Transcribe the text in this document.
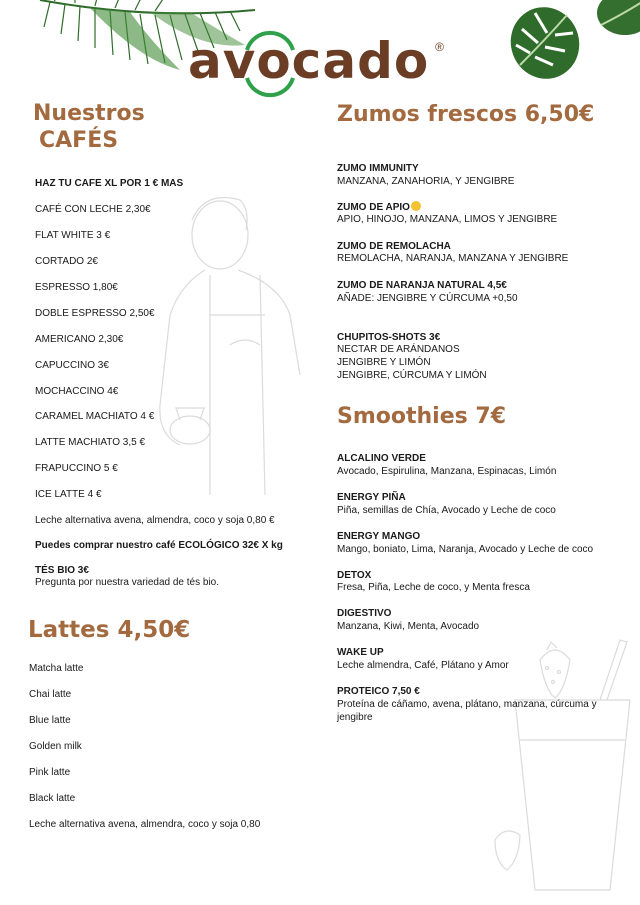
avocado ®
Nuestros
CAFÉS
HAZ TU CAFE XL POR 1 € MAS
CAFÉ CON LECHE 2,30€
FLAT WHITE 3 €
CORTADO 2€
ESPRESSO 1,80€
DOBLE ESPRESSO 2,50€
AMERICANO 2,30€
CAPUCCINO 3€
MOCHACCINO 4€
CARAMEL MACHIATO 4 €
LATTE MACHIATO 3,5 €
FRAPUCCINO 5 €
ICE LATTE 4 €
Leche alternativa avena, almendra, coco y soja 0,80 €
Puedes comprar nuestro café ECOLÓGICO 32€ X kg
TÉS BIO 3€
Pregunta por nuestra variedad de tés bio.
Lattes 4,50€
Matcha latte
Chai latte
Blue latte
Golden milk
Pink latte
Black latte
Leche alternativa avena, almendra, coco y soja 0,80
Zumos frescos 6,50€
ZUMO IMMUNITY
MANZANA, ZANAHORIA, Y JENGIBRE
ZUMO DE APIO
APIO, HINOJO, MANZANA, LIMOS Y JENGIBRE
ZUMO DE REMOLACHA
REMOLACHA, NARANJA, MANZANA Y JENGIBRE
ZUMO DE NARANJA NATURAL 4,5€
AÑADE: JENGIBRE Y CÚRCUMA +0,50
CHUPITOS-SHOTS 3€
NECTAR DE ARÁNDANOS
JENGIBRE Y LIMÓN
JENGIBRE, CÚRCUMA Y LIMÓN
Smoothies 7€
ALCALINO VERDE
Avocado, Espirulina, Manzana, Espinacas, Limón
ENERGY PIÑA
Piña, semillas de Chía, Avocado y Leche de coco
ENERGY MANGO
Mango, boniato, Lima, Naranja, Avocado y Leche de coco
DETOX
Fresa, Piña, Leche de coco, y Menta fresca
DIGESTIVO
Manzana, Kiwi, Menta, Avocado
WAKE UP
Leche almendra, Café, Plátano y Amor
PROTEICO 7,50 €
Proteína de cáñamo, avena, plátano, manzana, cúrcuma y
jengibre
